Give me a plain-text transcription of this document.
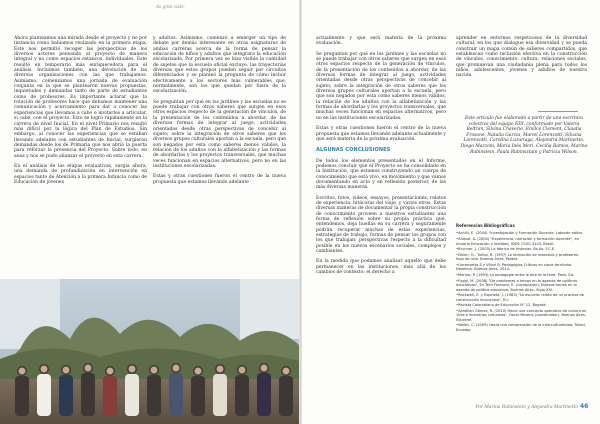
-As gran ciste-

Ahora planteamos una mirada desde el proyecto y no por instancia como habíamos realizado en la primera etapa. Este nos permitió recoger las perspectivas de los diversos actores pensando el proyecto de manera integral y no como espacios estancos, individuales. Este resultó en temporario más enriquecedora para el análisis. Incluimos también, una devolución de las diversas organizaciones con las que trabajamos. Asimismo, comenzamos una jornada de evaluación conjunta en la que se plantearon nuevas propuestas, inquietudes y demandas tanto de parte de estudiantes como de profesores. Es importante aclarar que la rotación de profesores hace que debamos mantener una comunicación y acercamiento para dar a conocer las experiencias que llevamos a cabo e invitarlos a articular, si cabe, con el proyecto. Esto se logró rápidamente en la carrera de nivel Inicial. En el nivel Primario nos resultó más difícil por la lógica del Plan de Estudios. Sin embargo, al conocer las experiencias que se estaban llevando adelante con estudiantes de Inicial, surgieron demandas desde los de Primaria que nos abrió la puerta para reforzar la presencia del Proyecto. Sobre todo, en ansa y nos se pudo alianzar el proyecto en esta carrera.

En el análisis de las etapas evaluativas, surgía ahora, una demanda de profundización en intervención en espacios tanto de Atención a la primera Infancia como de Educación de jóvenes

y adultos. Asimismo, comenzó a emerger un tipo de debate por demás interesante en otras asignaturas de ambas carreras acerca de la forma de pensar la educación de niños y adultos que integrara la educación escolarizada. Por primera vez se hizo visible la cantidad de sujetos que la escuela oficial excluye, las trayectorias diversas que estos grupos pueden seguir por circuitos diferenciados y se planteó la pregunta de cómo incluir efectivamente a los sectores más vulnerables que, normalmente, son los que quedan por fuera de la escolarización.

Se preguntan por qué en los jardines y las escuelas no se puede trabajar con otros saberes que surgen en esos otros espacios respecto de la generación de vínculos, de la presentación de los contenidos a abordar, de las diversas formas de integrar al juego, actividades orientadas desde otras perspectivas de concebir al sujeto; sobre la integración de otros saberes que los diversos grupos culturales aportan a la escuela, pero que son negados por esta como saberes menos válidos, la relación de los adultos con la alfabetización y las formas de abordarlas y los proyectos transversales, que muchas veces funcionan en espacios alternativos, pero no en las instituciones escolarizadas.

Estas y otras cuestiones fueron el centro de la nueva propuesta que estamos llevando adelante

actualmente y que será materia de la próxima evaluación.

Se preguntan por qué en los jardines y las escuelas no se puede trabajar con otros saberes que surgen en esos otros espacios respecto de la generación de vínculos, de la presentación de los contenidos a abordar, de las diversas formas de integrar al juego, actividades orientadas desde otras perspectivas de concebir al sujeto; sobre la integración de otros saberes que los diversos grupos culturales aportan a la escuela, pero que son negados por esta como saberes menos válidos, la relación de los adultos con la alfabetización y las formas de abordarlas y los proyectos transversales, que muchas veces funcionan en espacios alternativos, pero no en las instituciones escolarizadas.

Estas y otras cuestiones fueron el centro de la nueva propuesta que estamos llevando adelante actualmente y que será materia de la próxima evaluación.

ALGUNAS CONCLUSIONES

De todos los elementos presentados en el Informe, podemos concluir que el Proyecto se ha consolidado en la Institución, que estamos construyendo un cuerpo de conocimiento que está vivo, en movimiento y que vamos documentando en acto y en reflexión posterior, de las más diversas maneras.

Escritos, fotos, videos, ensayos, presentaciones, relatos de experiencia, bitácoras del viaje, y varios otros. Estas diversas maneras de documentar la propia construcción de conocimiento proveen a nuestros estudiantes una forma de reflexión sobre su propia práctica que, entendemos, deja huellas en su carrera y seguramente podrán recuperar muchas de estas experiencias, estrategias de trabajo, formas de pensar los grupos con los que trabajan; perspectivas respecto a la dificultad posible en los nuevos escenarios sociales, complejos y cambiantes.

En la medida que podamos analizar aquello que debe permanecer en las instituciones, más allá de los cambios de contexto: el derecho a

aprender en entornos respetuosos de la diversidad cultural, en los que dialogue esa diversidad y se pueda construir un mapa común de saberes compartidos, que establezcan como inclusión efectiva en la construcción de vínculos, conocimiento, cultura, relaciones sociales, que promuevan una ciudadanía plena para todos los niños, adolescentes, jóvenes y adultos de nuestra nación.

Este artículo fue elaborado a partir de una escritura colectiva del equipo EDI, conformado por Valeria Beltran, Silvina Chaverie, Emilce Clement, Claudia Frosone, Natalia García, Mariel Lorenzotti, Silvana Lorenzotti, Carolina Luzuriaga, Alejandra Martinetto, Diego Mazzoni, María Inés Mori, Cecilia Ramos, Marina Rubinstein, Paula Rubinsztain y Patricia Wilson.
Referencias Bibliográficas
•Achilli, E. (2004) "Investigación y Formación Docente. Laborde editor.
•Alliaud, A. (2004) "Experiencia, narración y formación docente", en Anuario Educación y realidad, ISSN: 0100-3143, Brasil.
•Brunner, J. (2003) La fábrica de historias. Bs As. F.C.E.
•Dhien, G., Tuñiqi, R. (1997) La formación de maestros y profesores: hoja de ruta. Buenos Aires, Paidós.
•Llorensetta S y Villari R. Pedagogías Críticas en clave territorial. Novedux. Buenos Aires, 2014.
•Merino, P. (1993) La pedagogie entre le dire et le faire. París, Ed.
•Fuggi, M. (2008) "De problemas a temas en la agenda de políticas educativas", En Terti Fantaniz, E. (compilador), Nuevos temas en la agenda de política educativa, Buenos Aires, Siglo XXI.
•Rockwell, E. y Ezpeleta, J. (1983) "La escuela: relato de un proceso de construcción inconcluso". En:
•Revista Colombiana de Educación N° 12, Bogotá.
•Santillán Gómez, R. (2010) Hacia una concepto operativo de cultura en 'Arte e industrias culturales', Oscar Moreno (coordinador), Buenos Aires, Eduntref.
•Walsh, C. (2009) Hacia una comprensión de la interculturalidad. Tukari, Ecuador.
Por Marina Rubinstein y Alejandra Martinetto 46
